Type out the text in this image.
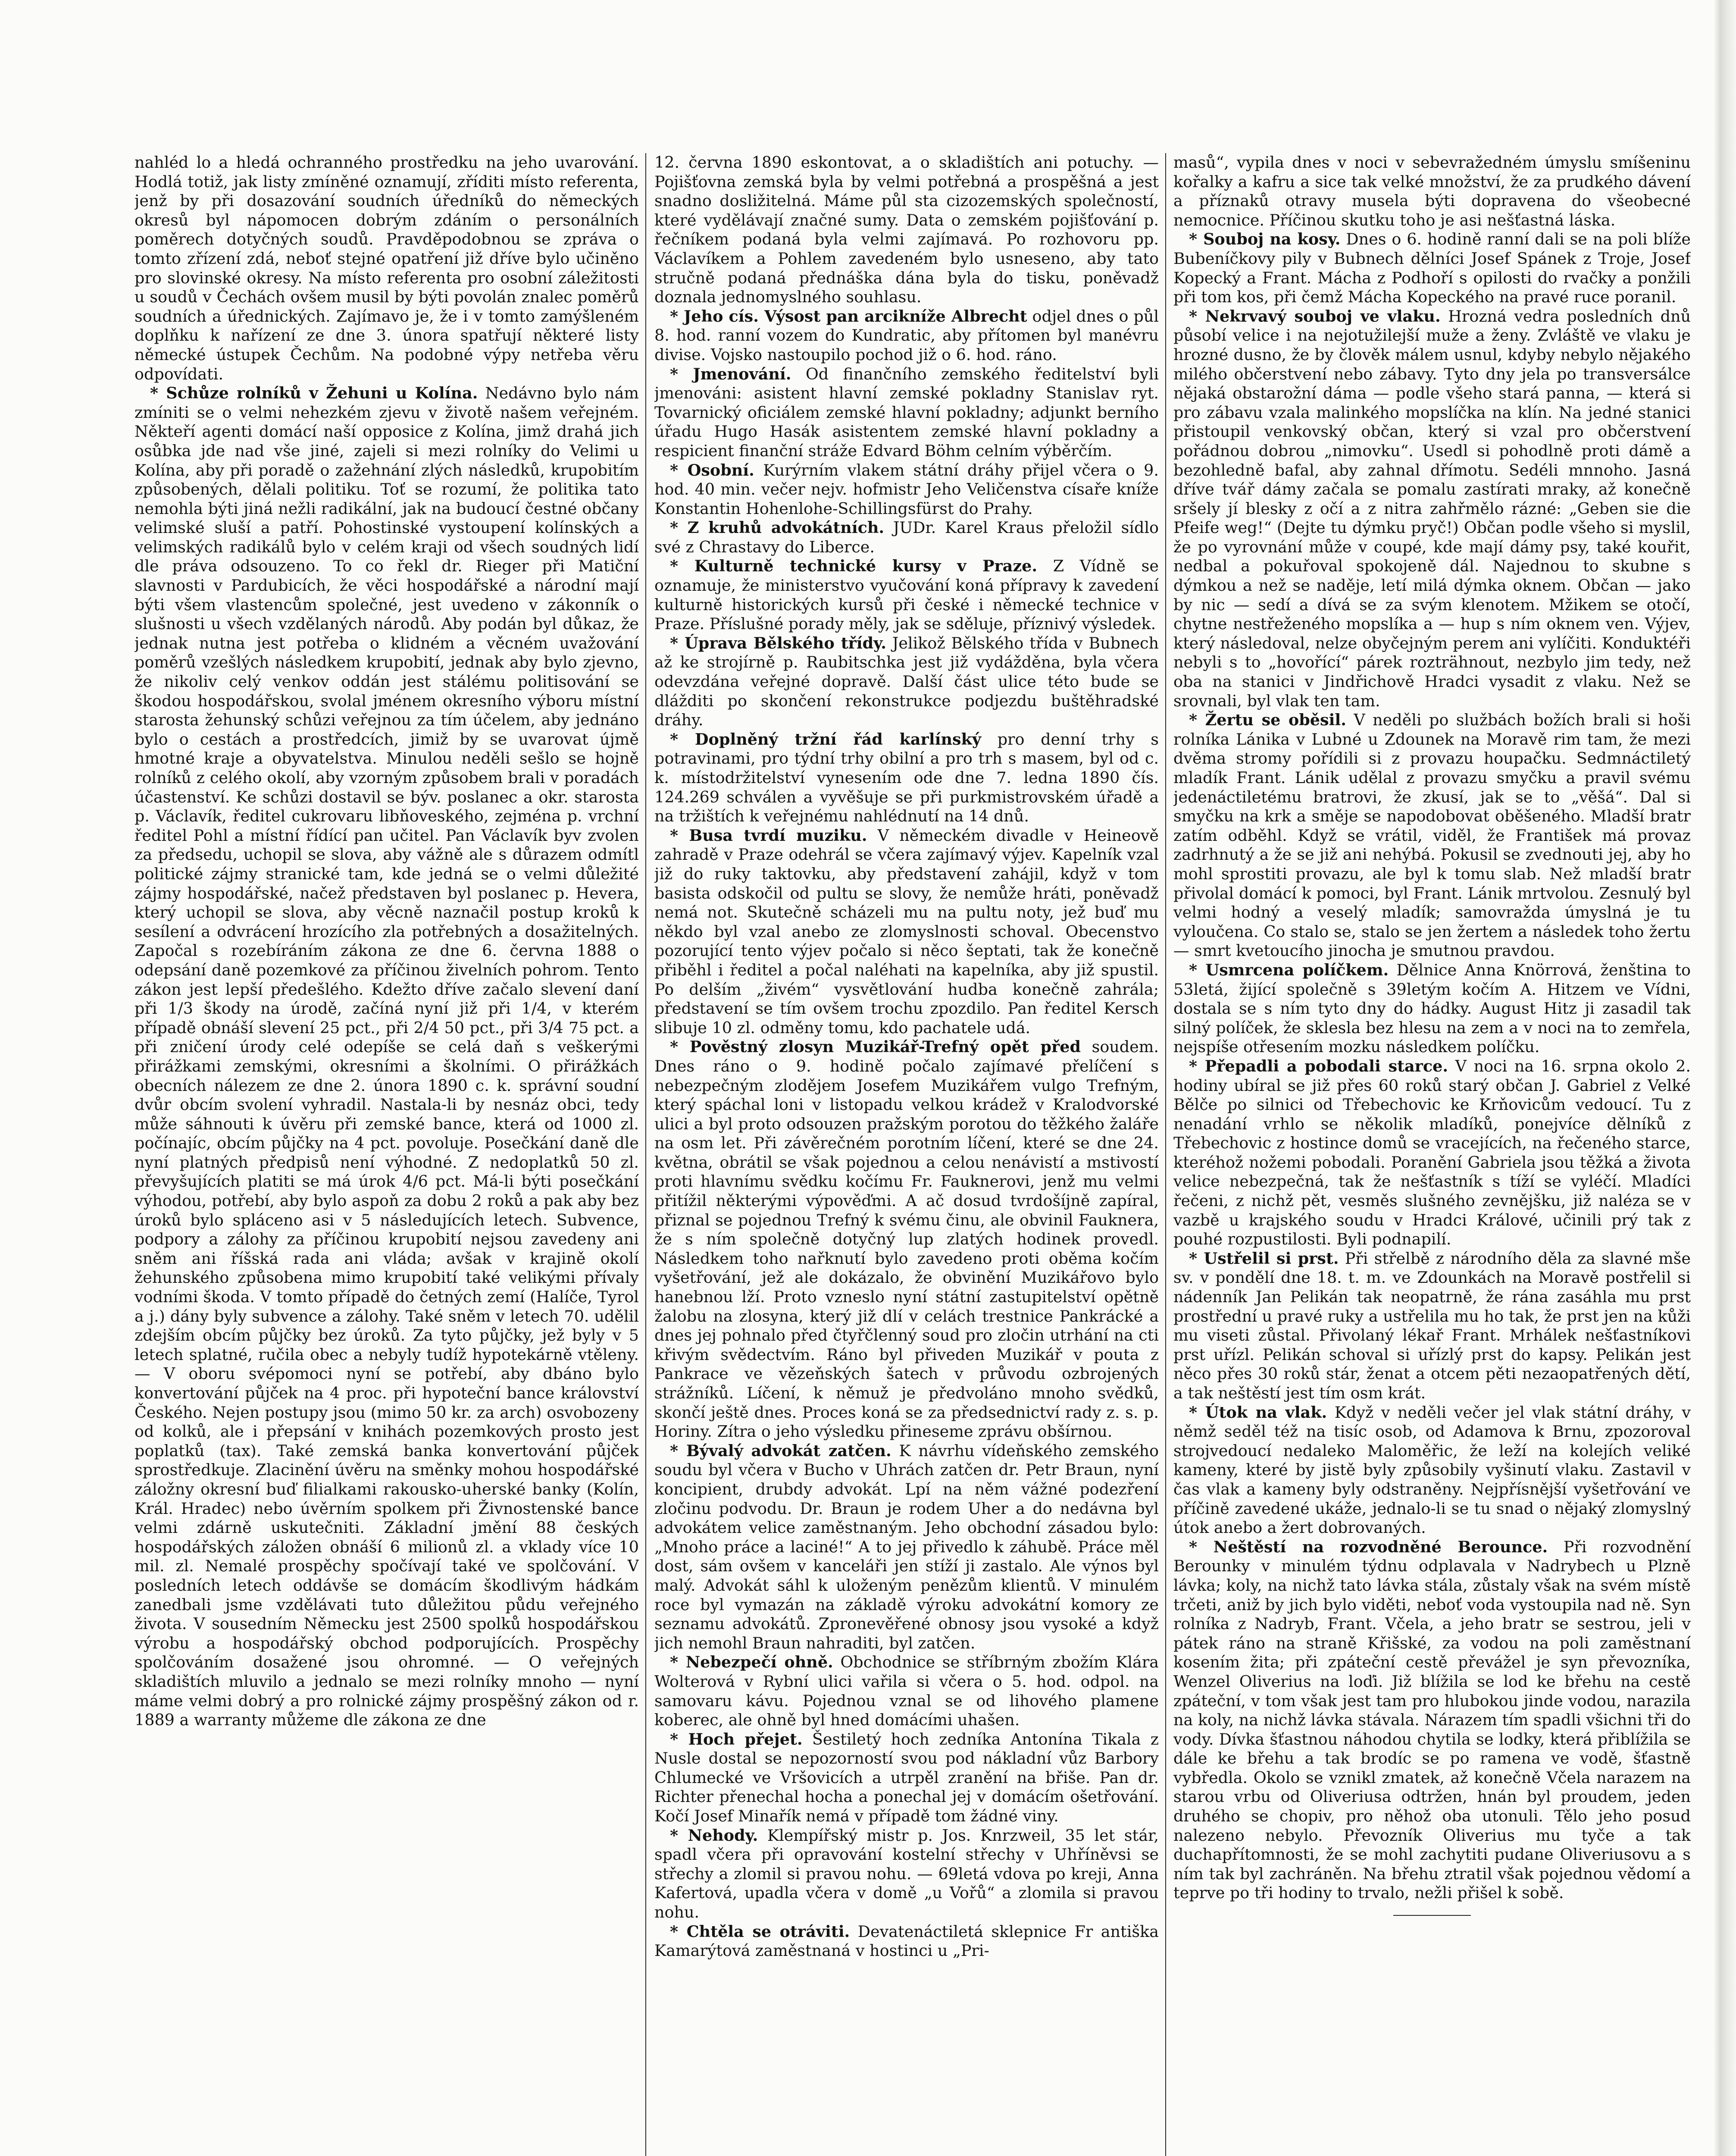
nahléd lo a hledá ochranného prostředku na jeho uvarování. Hodlá totiž, jak listy zmíněné oznamují, zříditi místo referenta, jenž by při dosazování soudních úředníků do německých okresů byl nápomocen dobrým zdáním o personálních poměrech dotyčných soudů. Pravděpodobnou se zpráva o tomto zřízení zdá, neboť stejné opatření již dříve bylo učiněno pro slovinské okresy. Na místo referenta pro osobní záležitosti u soudů v Čechách ovšem musil by býti povolán znalec poměrů soudních a úřednických. Zajímavo je, že i v tomto zamýšleném doplňku k nařízení ze dne 3. února spatřují některé listy německé ústupek Čechům. Na podobné výpy netřeba věru odpovídati.

* Schůze rolníků v Žehuni u Kolína. Nedávno bylo nám zmíniti se o velmi nehezkém zjevu v životě našem veřejném. Někteří agenti domácí naší opposice z Kolína, jimž drahá jich osůbka jde nad vše jiné, zajeli si mezi rolníky do Velimi u Kolína, aby při poradě o zažehnání zlých následků, krupobitím způsobených, dělali politiku. Toť se rozumí, že politika tato nemohla býti jiná nežli radikální, jak na budoucí čestné občany velimské sluší a patří. Pohostinské vystoupení kolínských a velimských radikálů bylo v celém kraji od všech soudných lidí dle práva odsouzeno. To co řekl dr. Rieger při Matiční slavnosti v Pardubicích, že věci hospodářské a národní mají býti všem vlastencům společné, jest uvedeno v zákonník o slušnosti u všech vzdělaných národů. Aby podán byl důkaz, že jednak nutna jest potřeba o klidném a věcném uvažování poměrů vzešlých následkem krupobití, jednak aby bylo zjevno, že nikoliv celý venkov oddán jest stálému politisování se škodou hospodářskou, svolal jménem okresního výboru místní starosta žehunský schůzi veřejnou za tím účelem, aby jednáno bylo o cestách a prostředcích, jimiž by se uvarovat újmě hmotné kraje a obyvatelstva. Minulou neděli sešlo se hojně rolníků z celého okolí, aby vzorným způsobem brali v poradách účastenství. Ke schůzi dostavil se býv. poslanec a okr. starosta p. Václavík, ředitel cukrovaru libňoveského, zejména p. vrchní ředitel Pohl a místní řídící pan učitel. Pan Václavík byv zvolen za předsedu, uchopil se slova, aby vážně ale s důrazem odmítl politické zájmy stranické tam, kde jedná se o velmi důležité zájmy hospodářské, načež představen byl poslanec p. Hevera, který uchopil se slova, aby věcně naznačil postup kroků k sesílení a odvrácení hrozícího zla potřebných a dosažitelných. Započal s rozebíráním zákona ze dne 6. června 1888 o odepsání daně pozemkové za příčinou živelních pohrom. Tento zákon jest lepší předešlého. Kdežto dříve začalo slevení daní při 1/3 škody na úrodě, začíná nyní již při 1/4, v kterém případě obnáší slevení 25 pct., při 2/4 50 pct., při 3/4 75 pct. a při zničení úrody celé odepíše se celá daň s veškerými přirážkami zemskými, okresními a školními. O přirážkách obecních nálezem ze dne 2. února 1890 c. k. správní soudní dvůr obcím svolení vyhradil. Nastala-li by nesnáz obci, tedy může sáhnouti k úvěru při zemské bance, která od 1000 zl. počínajíc, obcím půjčky na 4 pct. povoluje. Posečkání daně dle nyní platných předpisů není výhodné. Z nedoplatků 50 zl. převyšujících platiti se má úrok 4/6 pct. Má-li býti posečkání výhodou, potřebí, aby bylo aspoň za dobu 2 roků a pak aby bez úroků bylo spláceno asi v 5 následujících letech. Subvence, podpory a zálohy za příčinou krupobití nejsou zavedeny ani sněm ani říšská rada ani vláda; avšak v krajině okolí žehunského způsobena mimo krupobití také velikými přívaly vodními škoda. V tomto případě do četných zemí (Halíče, Tyrol a j.) dány byly subvence a zálohy. Také sněm v letech 70. udělil zdejším obcím půjčky bez úroků. Za tyto půjčky, jež byly v 5 letech splatné, ručila obec a nebyly tudíž hypotekárně vtěleny. — V oboru svépomoci nyní se potřebí, aby dbáno bylo konvertování půjček na 4 proc. při hypoteční bance království Českého. Nejen postupy jsou (mimo 50 kr. za arch) osvobozeny od kolků, ale i přepsání v knihách pozemkových prosto jest poplatků (tax). Také zemská banka konvertování půjček sprostředkuje. Zlacinění úvěru na směnky mohou hospodářské záložny okresní buď filialkami rakousko-uherské banky (Kolín, Král. Hradec) nebo úvěrním spolkem při Živnostenské bance velmi zdárně uskutečniti. Základní jmění 88 českých hospodářských záložen obnáší 6 milionů zl. a vklady více 10 mil. zl. Nemalé prospěchy spočívají také ve spolčování. V posledních letech oddávše se domácím škodlivým hádkám zanedbali jsme vzdělávati tuto důležitou půdu veřejného života. V sousedním Německu jest 2500 spolků hospodářskou výrobu a hospodářský obchod podporujících. Prospěchy spolčováním dosažené jsou ohromné. — O veřejných skladištích mluvilo a jednalo se mezi rolníky mnoho — nyní máme velmi dobrý a pro rolnické zájmy prospěšný zákon od r. 1889 a warranty můžeme dle zákona ze dne

12. června 1890 eskontovat, a o skladištích ani potuchy. — Pojišťovna zemská byla by velmi potřebná a prospěšná a jest snadno dosližitelná. Máme půl sta cizozemských společností, které vydělávají značné sumy. Data o zemském pojišťování p. řečníkem podaná byla velmi zajímavá. Po rozhovoru pp. Václavíkem a Pohlem zavedeném bylo usneseno, aby tato stručně podaná přednáška dána byla do tisku, poněvadž doznala jednomyslného souhlasu.

* Jeho cís. Výsost pan arcikníže Albrecht odjel dnes o půl 8. hod. ranní vozem do Kundratic, aby přítomen byl manévru divise. Vojsko nastoupilo pochod již o 6. hod. ráno.

* Jmenování. Od finančního zemského ředitelství byli jmenováni: asistent hlavní zemské pokladny Stanislav ryt. Tovarnický oficiálem zemské hlavní pokladny; adjunkt berního úřadu Hugo Hasák asistentem zemské hlavní pokladny a respicient finanční stráže Edvard Böhm celním výběrčím.

* Osobní. Kurýrním vlakem státní dráhy přijel včera o 9. hod. 40 min. večer nejv. hofmistr Jeho Veličenstva císaře kníže Konstantin Hohenlohe-Schillingsfürst do Prahy.

* Z kruhů advokátních. JUDr. Karel Kraus přeložil sídlo své z Chrastavy do Liberce.

* Kulturně technické kursy v Praze. Z Vídně se oznamuje, že ministerstvo vyučování koná přípravy k zavedení kulturně historických kursů při české i německé technice v Praze. Příslušné porady měly, jak se sděluje, příznivý výsledek.

* Úprava Bělského třídy. Jelikož Bělského třída v Bubnech až ke strojírně p. Raubitschka jest již vydážděna, byla včera odevzdána veřejné dopravě. Další část ulice této bude se dlážditi po skončení rekonstrukce podjezdu buštěhradské dráhy.

* Doplněný tržní řád karlínský pro denní trhy s potravinami, pro týdní trhy obilní a pro trh s masem, byl od c. k. místodržitelství vynesením ode dne 7. ledna 1890 čís. 124.269 schválen a vyvěšuje se při purkmistrovském úřadě a na tržištích k veřejnému nahlédnutí na 14 dnů.

* Busa tvrdí muziku. V německém divadle v Heineově zahradě v Praze odehrál se včera zajímavý výjev. Kapelník vzal již do ruky taktovku, aby představení zahájil, když v tom basista odskočil od pultu se slovy, že nemůže hráti, poněvadž nemá not. Skutečně scházeli mu na pultu noty, jež buď mu někdo byl vzal anebo ze zlomyslnosti schoval. Obecenstvo pozorující tento výjev počalo si něco šeptati, tak že konečně přiběhl i ředitel a počal naléhati na kapelníka, aby již spustil. Po delším „živém“ vysvětlování hudba konečně zahrála; představení se tím ovšem trochu zpozdilo. Pan ředitel Kersch slibuje 10 zl. odměny tomu, kdo pachatele udá.

* Pověstný zlosyn Muzikář-Trefný opět před soudem. Dnes ráno o 9. hodině počalo zajímavé přelíčení s nebezpečným zlodějem Josefem Muzikářem vulgo Trefným, který spáchal loni v listopadu velkou krádež v Kralodvorské ulici a byl proto odsouzen pražským porotou do těžkého žaláře na osm let. Při závěrečném porotním líčení, které se dne 24. května, obrátil se však pojednou a celou nenávistí a mstivostí proti hlavnímu svědku kočímu Fr. Fauknerovi, jenž mu velmi přitížil některými výpověďmi. A ač dosud tvrdošíjně zapíral, přiznal se pojednou Trefný k svému činu, ale obvinil Fauknera, že s ním společně dotyčný lup zlatých hodinek provedl. Následkem toho nařknutí bylo zavedeno proti oběma kočím vyšetřování, jež ale dokázalo, že obvinění Muzikářovo bylo hanebnou lží. Proto vzneslo nyní státní zastupitelství opětně žalobu na zlosyna, který již dlí v celách trestnice Pankrácké a dnes jej pohnalo před čtyřčlenný soud pro zločin utrhání na cti křivým svědectvím. Ráno byl přiveden Muzikář v pouta z Pankrace ve vězeňských šatech v průvodu ozbrojených strážníků. Líčení, k němuž je předvoláno mnoho svědků, skončí ještě dnes. Proces koná se za předsednictví rady z. s. p. Horiny. Zítra o jeho výsledku přineseme zprávu obšírnou.

* Bývalý advokát zatčen. K návrhu vídeňského zemského soudu byl včera v Bucho v Uhrách zatčen dr. Petr Braun, nyní koncipient, drubdy advokát. Lpí na něm vážné podezření zločinu podvodu. Dr. Braun je rodem Uher a do nedávna byl advokátem velice zaměstnaným. Jeho obchodní zásadou bylo: „Mnoho práce a laciné!“ A to jej přivedlo k záhubě. Práce měl dost, sám ovšem v kanceláři jen stíží ji zastalo. Ale výnos byl malý. Advokát sáhl k uloženým penězům klientů. V minulém roce byl vymazán na základě výroku advokátní komory ze seznamu advokátů. Zpronevěřené obnosy jsou vysoké a když jich nemohl Braun nahraditi, byl zatčen.

* Nebezpečí ohně. Obchodnice se stříbrným zbožím Klára Wolterová v Rybní ulici vařila si včera o 5. hod. odpol. na samovaru kávu. Pojednou vznal se od lihového plamene koberec, ale ohně byl hned domácími uhašen.

* Hoch přejet. Šestiletý hoch zedníka Antonína Tikala z Nusle dostal se nepozorností svou pod nákladní vůz Barbory Chlumecké ve Vršovicích a utrpěl zranění na břiše. Pan dr. Richter přenechal hocha a ponechal jej v domácím ošetřování. Kočí Josef Minařík nemá v případě tom žádné viny.

* Nehody. Klempířský mistr p. Jos. Knrzweil, 35 let stár, spadl včera při opravování kostelní střechy v Uhříněvsi se střechy a zlomil si pravou nohu. — 69letá vdova po kreji, Anna Kafertová, upadla včera v domě „u Vořů“ a zlomila si pravou nohu.

* Chtěla se otráviti. Devatenáctiletá sklepnice Fr antiška Kamarýtová zaměstnaná v hostinci u „Pri-

masů“, vypila dnes v noci v sebevražedném úmyslu smíšeninu kořalky a kafru a sice tak velké množství, že za prudkého dávení a příznaků otravy musela býti dopravena do všeobecné nemocnice. Příčinou skutku toho je asi nešťastná láska.

* Souboj na kosy. Dnes o 6. hodině ranní dali se na poli blíže Bubeníčkovy pily v Bubnech dělníci Josef Spánek z Troje, Josef Kopecký a Frant. Mácha z Podhoří s opilosti do rvačky a ponžili při tom kos, při čemž Mácha Kopeckého na pravé ruce poranil.

* Nekrvavý souboj ve vlaku. Hrozná vedra posledních dnů působí velice i na nejotužilejší muže a ženy. Zvláště ve vlaku je hrozné dusno, že by člověk málem usnul, kdyby nebylo nějakého milého občerstvení nebo zábavy. Tyto dny jela po transversálce nějaká obstarožní dáma — podle všeho stará panna, — která si pro zábavu vzala malinkého mopslíčka na klín. Na jedné stanici přistoupil venkovský občan, který si vzal pro občerstvení pořádnou dobrou „nimovku“. Usedl si pohodlně proti dámě a bezohledně bafal, aby zahnal dřímotu. Sedéli mnnoho. Jasná dříve tvář dámy začala se pomalu zastírati mraky, až konečně sršely jí blesky z očí a z nitra zahřmělo rázné: „Geben sie die Pfeife weg!“ (Dejte tu dýmku pryč!) Občan podle všeho si myslil, že po vyrovnání může v coupé, kde mají dámy psy, také kouřit, nedbal a pokuřoval spokojeně dál. Najednou to skubne s dýmkou a než se naděje, letí milá dýmka oknem. Občan — jako by nic — sedí a dívá se za svým klenotem. Mžikem se otočí, chytne nestřeženého mopslíka a — hup s ním oknem ven. Výjev, který následoval, nelze obyčejným perem ani vylíčiti. Konduktéři nebyli s to „hovořící“ párek rozträhnout, nezbylo jim tedy, než oba na stanici v Jindřichově Hradci vysadit z vlaku. Než se srovnali, byl vlak ten tam.

* Žertu se oběsil. V neděli po službách božích brali si hoši rolníka Lánika v Lubné u Zdounek na Moravě rim tam, že mezi dvěma stromy pořídili si z provazu houpačku. Sedmnáctiletý mladík Frant. Lánik udělal z provazu smyčku a pravil svému jedenáctiletému bratrovi, že zkusí, jak se to „věšá“. Dal si smyčku na krk a směje se napodobovat oběšeného. Mladší bratr zatím odběhl. Když se vrátil, viděl, že František má provaz zadrhnutý a že se již ani nehýbá. Pokusil se zvednouti jej, aby ho mohl sprostiti provazu, ale byl k tomu slab. Než mladší bratr přivolal domácí k pomoci, byl Frant. Lánik mrtvolou. Zesnulý byl velmi hodný a veselý mladík; samovražda úmyslná je tu vyloučena. Co stalo se, stalo se jen žertem a následek toho žertu — smrt kvetoucího jinocha je smutnou pravdou.

* Usmrcena políčkem. Dělnice Anna Knörrová, ženština to 53letá, žijící společně s 39letým kočím A. Hitzem ve Vídni, dostala se s ním tyto dny do hádky. August Hitz ji zasadil tak silný políček, že sklesla bez hlesu na zem a v noci na to zemřela, nejspíše otřesením mozku následkem políčku.

* Přepadli a pobodali starce. V noci na 16. srpna okolo 2. hodiny ubíral se již přes 60 roků starý občan J. Gabriel z Velké Bělče po silnici od Třebechovic ke Krňovicům vedoucí. Tu z nenadání vrhlo se několik mladíků, ponejvíce dělníků z Třebechovic z hostince domů se vracejících, na řečeného starce, kteréhož nožemi pobodali. Poranění Gabriela jsou těžká a života velice nebezpečná, tak že nešťastník s tíží se vyléčí. Mladíci řečeni, z nichž pět, vesměs slušného zevnějšku, již naléza se v vazbě u krajského soudu v Hradci Králové, učinili prý tak z pouhé rozpustilosti. Byli podnapilí.

* Ustřelil si prst. Při střelbě z národního děla za slavné mše sv. v pondělí dne 18. t. m. ve Zdounkách na Moravě postřelil si nádenník Jan Pelikán tak neopatrně, že rána zasáhla mu prst prostřední u pravé ruky a ustřelila mu ho tak, že prst jen na kůži mu viseti zůstal. Přivolaný lékař Frant. Mrhálek nešťastníkovi prst uřízl. Pelikán schoval si uřízlý prst do kapsy. Pelikán jest něco přes 30 roků stár, ženat a otcem pěti nezaopatřených dětí, a tak neštěstí jest tím osm krát.

* Útok na vlak. Když v neděli večer jel vlak státní dráhy, v němž seděl též na tisíc osob, od Adamova k Brnu, zpozoroval strojvedoucí nedaleko Maloměřic, že leží na kolejích veliké kameny, které by jistě byly způsobily vyšinutí vlaku. Zastavil v čas vlak a kameny byly odstraněny. Nejpřísnější vyšetřování ve příčině zavedené ukáže, jednalo-li se tu snad o nějaký zlomyslný útok anebo a žert dobrovaných.

* Neštěstí na rozvodněné Berounce. Při rozvodnění Berounky v minulém týdnu odplavala v Nadrybech u Plzně lávka; koly, na nichž tato lávka stála, zůstaly však na svém místě trčeti, aniž by jich bylo viděti, neboť voda vystoupila nad ně. Syn rolníka z Nadryb, Frant. Včela, a jeho bratr se sestrou, jeli v pátek ráno na straně Křišské, za vodou na poli zaměstnaní kosením žita; při zpáteční cestě převážel je syn převozníka, Wenzel Oliverius na loďi. Již blížila se lod ke břehu na cestě zpáteční, v tom však jest tam pro hlubokou jinde vodou, narazila na koly, na nichž lávka stávala. Nárazem tím spadli všichni tři do vody. Dívka šťastnou náhodou chytila se lodky, která přiblížila se dále ke břehu a tak brodíc se po ramena ve vodě, šťastně vybředla. Okolo se vznikl zmatek, až konečně Včela narazem na starou vrbu od Oliveriusa odtržen, hnán byl proudem, jeden druhého se chopiv, pro něhož oba utonuli. Tělo jeho posud nalezeno nebylo. Převozník Oliverius mu tyče a tak duchapřítomnosti, že se mohl zachytiti pudane Oliveriusovu a s ním tak byl zachráněn. Na břehu ztratil však pojednou vědomí a teprve po tři hodiny to trvalo, nežli přišel k sobě.
